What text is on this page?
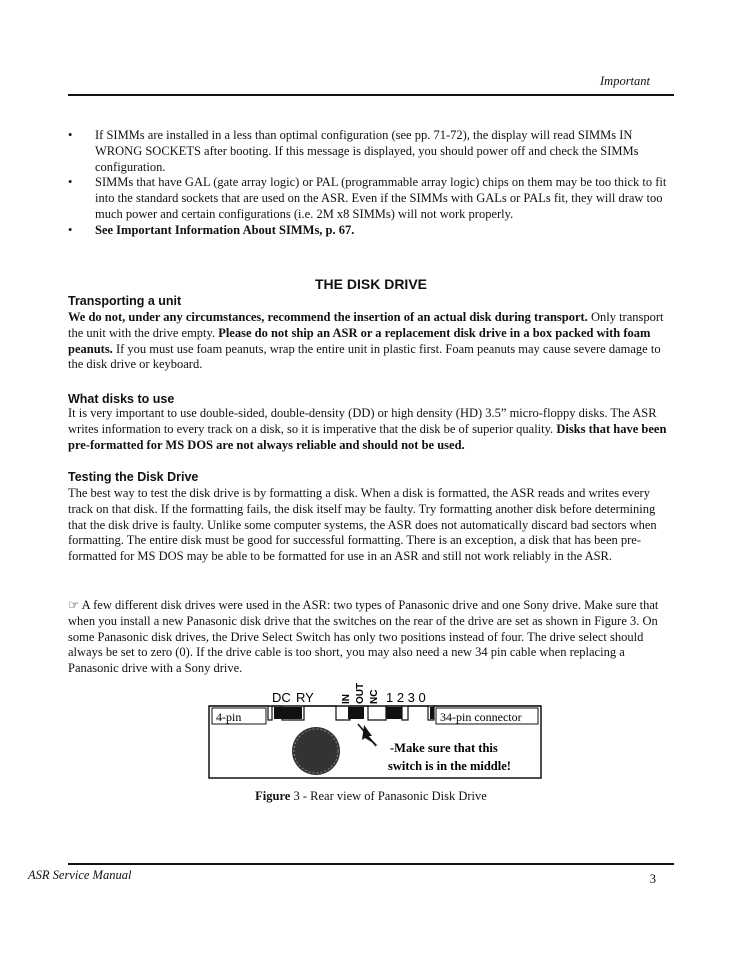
Important
• If SIMMs are installed in a less than optimal configuration (see pp. 71-72), the display will read SIMMs IN WRONG SOCKETS after booting. If this message is displayed, you should power off and check the SIMMs configuration.
• SIMMs that have GAL (gate array logic) or PAL (programmable array logic) chips on them may be too thick to fit into the standard sockets that are used on the ASR. Even if the SIMMs with GALs or PALs fit, they will draw too much power and certain configurations (i.e. 2M x8 SIMMs) will not work properly.
• See Important Information About SIMMs, p. 67.
THE DISK DRIVE
Transporting a unit

We do not, under any circumstances, recommend the insertion of an actual disk during transport. Only transport the unit with the drive empty. Please do not ship an ASR or a replacement disk drive in a box packed with foam peanuts. If you must use foam peanuts, wrap the entire unit in plastic first. Foam peanuts may cause severe damage to the disk drive or keyboard.

What disks to use

It is very important to use double-sided, double-density (DD) or high density (HD) 3.5” micro-floppy disks. The ASR writes information to every track on a disk, so it is imperative that the disk be of superior quality. Disks that have been pre-formatted for MS DOS are not always reliable and should not be used.

Testing the Disk Drive

The best way to test the disk drive is by formatting a disk. When a disk is formatted, the ASR reads and writes every track on that disk. If the formatting fails, the disk itself may be faulty. Try formatting another disk before determining that the disk drive is faulty. Unlike some computer systems, the ASR does not automatically discard bad sectors when formatting. The entire disk must be good for successful formatting. There is an exception, a disk that has been pre-formatted for MS DOS may be able to be formatted for use in an ASR and still not work reliably in the ASR.

☞ A few different disk drives were used in the ASR: two types of Panasonic drive and one Sony drive. Make sure that when you install a new Panasonic disk drive that the switches on the rear of the drive are set as shown in Figure 3. On some Panasonic disk drives, the Drive Select Switch has only two positions instead of four. The drive select should always be set to zero (0). If the drive cable is too short, you may also need a new 34 pin cable when replacing a Panasonic drive with a Sony drive.

4-pin	34-pin connector
DC RY	IN OUT NC 1 2 3 0
-Make sure that this
switch is in the middle!
Figure 3 - Rear view of Panasonic Disk Drive
ASR Service Manual	3
